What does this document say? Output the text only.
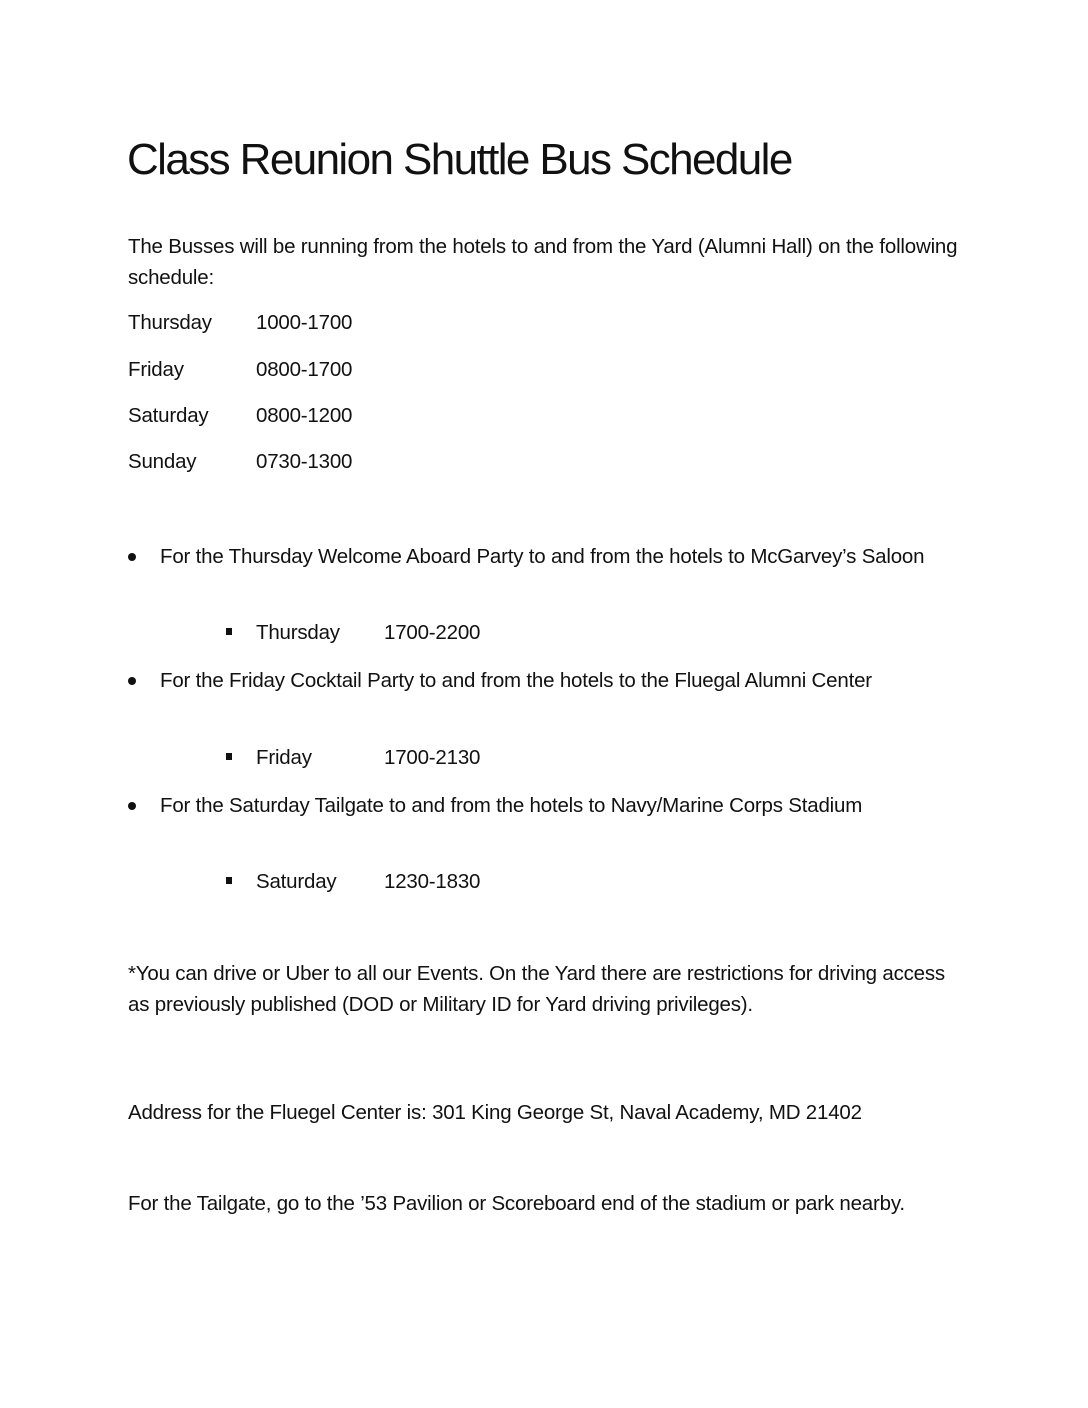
Class Reunion Shuttle Bus Schedule

The Busses will be running from the hotels to and from the Yard (Alumni Hall) on the following schedule:

Thursday 1000-1700
Friday	0800-1700
Saturday 0800-1200
Sunday	0730-1300

For the Thursday Welcome Aboard Party to and from the hotels to McGarvey’s Saloon

Thursday 1700-2200

For the Friday Cocktail Party to and from the hotels to the Fluegal Alumni Center

Friday	1700-2130

For the Saturday Tailgate to and from the hotels to Navy/Marine Corps Stadium

Saturday 1230-1830

*You can drive or Uber to all our Events. On the Yard there are restrictions for driving access as previously published (DOD or Military ID for Yard driving privileges).

Address for the Fluegel Center is: 301 King George St, Naval Academy, MD 21402

For the Tailgate, go to the ’53 Pavilion or Scoreboard end of the stadium or park nearby.
